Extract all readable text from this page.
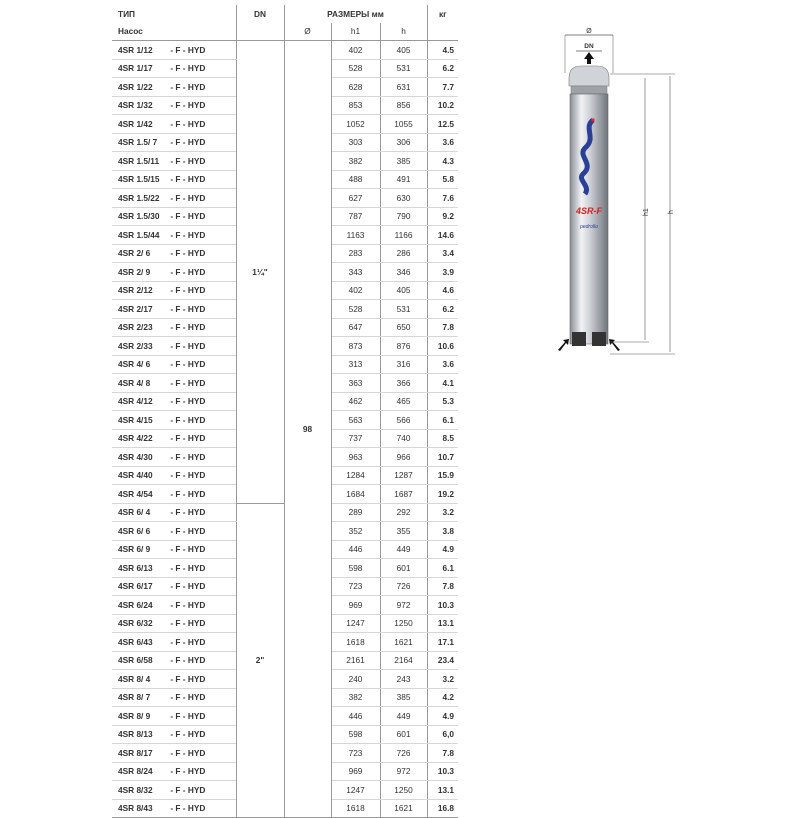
ТИП	DN	РАЗМЕРЫ мм			кг
Насос		Ø	h1	h	
4SR 1/12 - F - HYD	1¼"	98	402	405	4.5
4SR 1/17 - F - HYD			528	531	6.2
4SR 1/22 - F - HYD			628	631	7.7
4SR 1/32 - F - HYD			853	856	10.2
4SR 1/42 - F - HYD			1052	1055	12.5
4SR 1.5/ 7 - F - HYD			303	306	3.6
4SR 1.5/11 - F - HYD			382	385	4.3
4SR 1.5/15 - F - HYD			488	491	5.8
4SR 1.5/22 - F - HYD			627	630	7.6
4SR 1.5/30 - F - HYD			787	790	9.2
4SR 1.5/44 - F - HYD			1163	1166	14.6
4SR 2/ 6 - F - HYD			283	286	3.4
4SR 2/ 9 - F - HYD			343	346	3.9
4SR 2/12 - F - HYD			402	405	4.6
4SR 2/17 - F - HYD			528	531	6.2
4SR 2/23 - F - HYD			647	650	7.8
4SR 2/33 - F - HYD			873	876	10.6
4SR 4/ 6 - F - HYD			313	316	3.6
4SR 4/ 8 - F - HYD			363	366	4.1
4SR 4/12 - F - HYD			462	465	5.3
4SR 4/15 - F - HYD			563	566	6.1
4SR 4/22 - F - HYD			737	740	8.5
4SR 4/30 - F - HYD			963	966	10.7
4SR 4/40 - F - HYD			1284	1287	15.9
4SR 4/54 - F - HYD			1684	1687	19.2
4SR 6/ 4 - F - HYD	2"		289	292	3.2
4SR 6/ 6 - F - HYD			352	355	3.8
4SR 6/ 9 - F - HYD			446	449	4.9
4SR 6/13 - F - HYD			598	601	6.1
4SR 6/17 - F - HYD			723	726	7.8
4SR 6/24 - F - HYD			969	972	10.3
4SR 6/32 - F - HYD			1247	1250	13.1
4SR 6/43 - F - HYD			1618	1621	17.1
4SR 6/58 - F - HYD			2161	2164	23.4
4SR 8/ 4 - F - HYD			240	243	3.2
4SR 8/ 7 - F - HYD			382	385	4.2
4SR 8/ 9 - F - HYD			446	449	4.9
4SR 8/13 - F - HYD			598	601	6,0
4SR 8/17 - F - HYD			723	726	7.8
4SR 8/24 - F - HYD			969	972	10.3
4SR 8/32 - F - HYD			1247	1250	13.1
4SR 8/43 - F - HYD			1618	1621	16.8
Ø
DN
4SR-F
pedrollo
h1	h
